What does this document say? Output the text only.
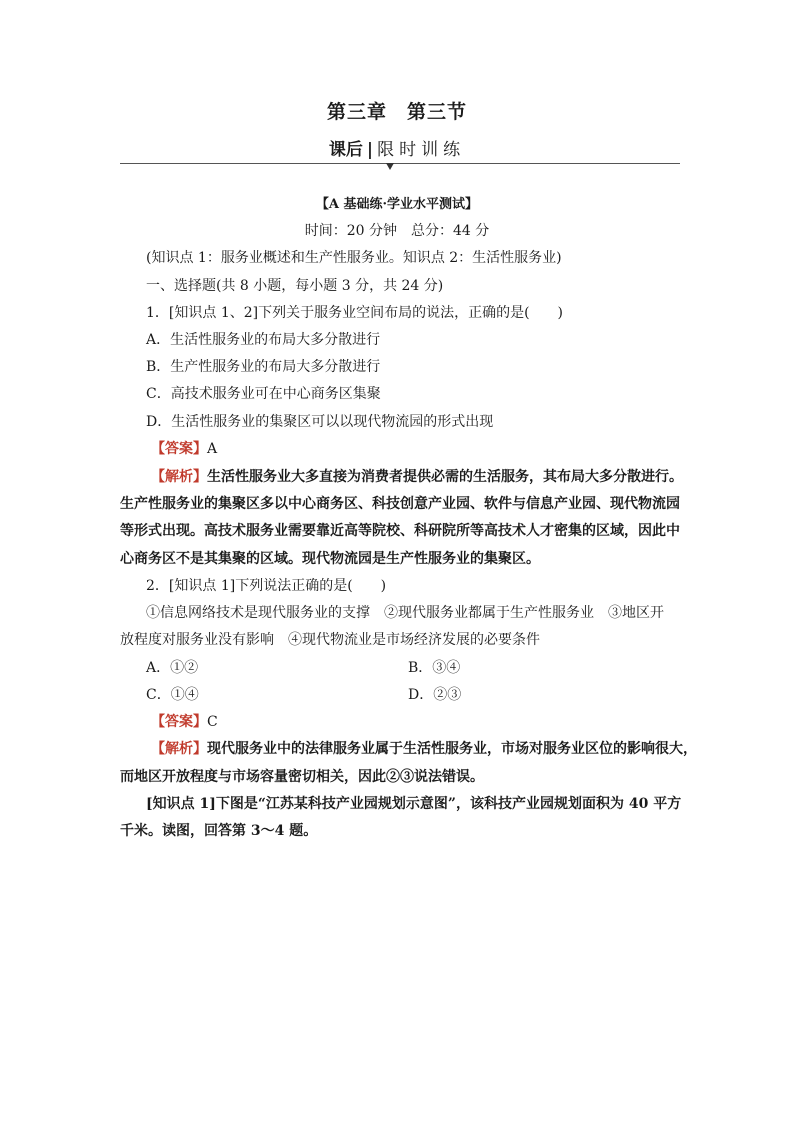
第三章　第三节
课后 | 限时训练
【A 基础练·学业水平测试】
时间：20 分钟　总分：44 分
(知识点 1：服务业概述和生产性服务业。知识点 2：生活性服务业)
一、选择题(共 8 小题，每小题 3 分，共 24 分)
1．[知识点 1、2]下列关于服务业空间布局的说法，正确的是(　　)
A．生活性服务业的布局大多分散进行
B．生产性服务业的布局大多分散进行
C．高技术服务业可在中心商务区集聚
D．生活性服务业的集聚区可以以现代物流园的形式出现
【答案】A
【解析】生活性服务业大多直接为消费者提供必需的生活服务，其布局大多分散进行。
生产性服务业的集聚区多以中心商务区、科技创意产业园、软件与信息产业园、现代物流园
等形式出现。高技术服务业需要靠近高等院校、科研院所等高技术人才密集的区域，因此中
心商务区不是其集聚的区域。现代物流园是生产性服务业的集聚区。
2．[知识点 1]下列说法正确的是(　　)
①信息网络技术是现代服务业的支撑　②现代服务业都属于生产性服务业　③地区开
放程度对服务业没有影响　④现代物流业是市场经济发展的必要条件
A．①②	B．③④
C．①④	D．②③
【答案】C
【解析】现代服务业中的法律服务业属于生活性服务业，市场对服务业区位的影响很大，
而地区开放程度与市场容量密切相关，因此②③说法错误。
[知识点 1]下图是“江苏某科技产业园规划示意图”，该科技产业园规划面积为 40 平方
千米。读图，回答第 3～4 题。
